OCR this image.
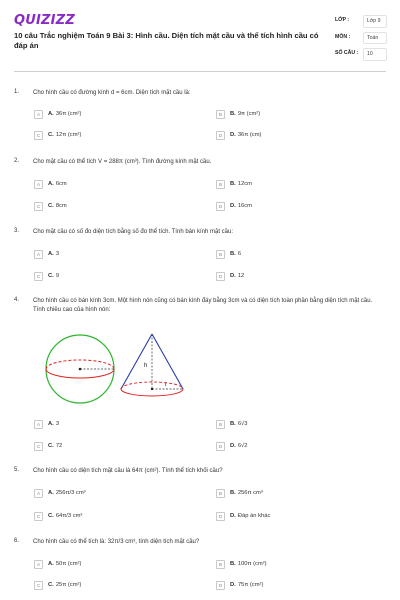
QUIZIZZ
10 câu Trắc nghiệm Toán 9 Bài 3: Hình cầu. Diện tích mặt cầu và thể tích hình cầu có đáp án
LỚP :	Lớp 9
MÔN :	Toán
SỐ CÂU :	10
1. Cho hình cầu có đường kính d = 6cm. Diện tích mặt cầu là:
A	A. 36π (cm²)	B	B. 9π (cm²)
C	C. 12π (cm²)	D	D. 36π (cm)
2. Cho mặt cầu có thể tích V = 288π (cm³). Tính đường kính mặt cầu.
A	A. 6cm	B	B. 12cm
C	C. 8cm	D	D. 16cm
3. Cho mặt cầu có số đo diện tích bằng số đo thể tích. Tính bán kính mặt cầu:
A	A. 3	B	B. 6
C	C. 9	D	D. 12
4. Cho hình cầu có bán kính 3cm. Một hình nón cũng có bán kính đáy bằng 3cm và có diện tích toàn phần bằng diện tích mặt cầu. Tính chiều cao của hình nón:
h
r
A	A. 3	B	B. 6√3
C	C. 72	D	D. 6√2
5. Cho hình cầu có diện tích mặt cầu là 64π (cm²). Tính thể tích khối cầu?
A	A. 256π/3 cm³	B	B. 256π cm³
C	C. 64π/3 cm³	D	D. Đáp án khác
6. Cho hình cầu có thể tích là: 32π/3 cm³, tính diện tích mặt cầu?
A	A. 50π (cm²)	B	B. 100π (cm²)
C	C. 25π (cm²)	D	D. 75π (cm²)
